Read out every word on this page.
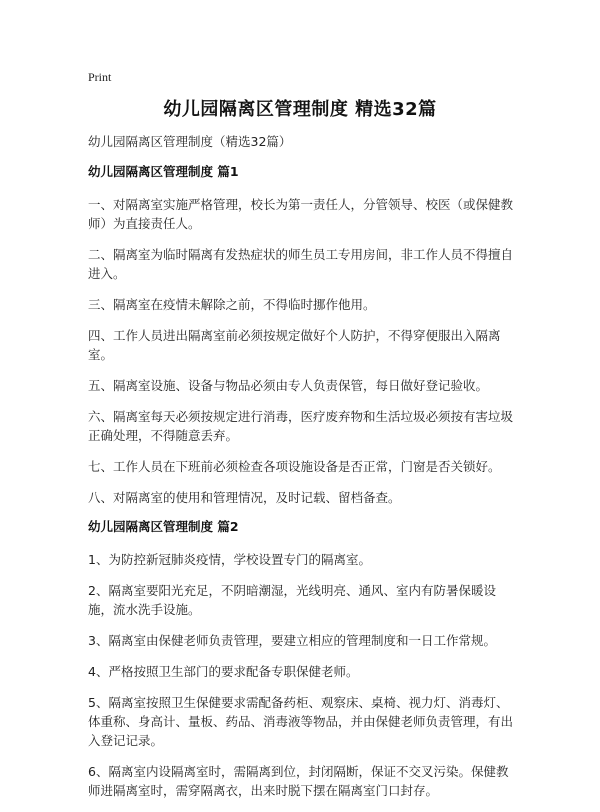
Print
幼儿园隔离区管理制度 精选32篇
幼儿园隔离区管理制度（精选32篇）
幼儿园隔离区管理制度 篇1

一、对隔离室实施严格管理，校长为第一责任人，分管领导、校医（或保健教师）为直接责任人。

二、隔离室为临时隔离有发热症状的师生员工专用房间，非工作人员不得擅自进入。

三、隔离室在疫情未解除之前，不得临时挪作他用。

四、工作人员进出隔离室前必须按规定做好个人防护，不得穿便服出入隔离室。

五、隔离室设施、设备与物品必须由专人负责保管，每日做好登记验收。

六、隔离室每天必须按规定进行消毒，医疗废弃物和生活垃圾必须按有害垃圾正确处理，不得随意丢弃。

七、工作人员在下班前必须检查各项设施设备是否正常，门窗是否关锁好。

八、对隔离室的使用和管理情况，及时记载、留档备查。

幼儿园隔离区管理制度 篇2

1、为防控新冠肺炎疫情，学校设置专门的隔离室。

2、隔离室要阳光充足，不阴暗潮湿，光线明亮、通风、室内有防暑保暖设施，流水洗手设施。

3、隔离室由保健老师负责管理，要建立相应的管理制度和一日工作常规。

4、严格按照卫生部门的要求配备专职保健老师。

5、隔离室按照卫生保健要求需配备药柜、观察床、桌椅、视力灯、消毒灯、体重称、身高计、量板、药品、消毒液等物品，并由保健老师负责管理，有出入登记记录。

6、隔离室内设隔离室时，需隔离到位，封闭隔断，保证不交叉污染。保健教师进隔离室时，需穿隔离衣，出来时脱下摆在隔离室门口封存。
